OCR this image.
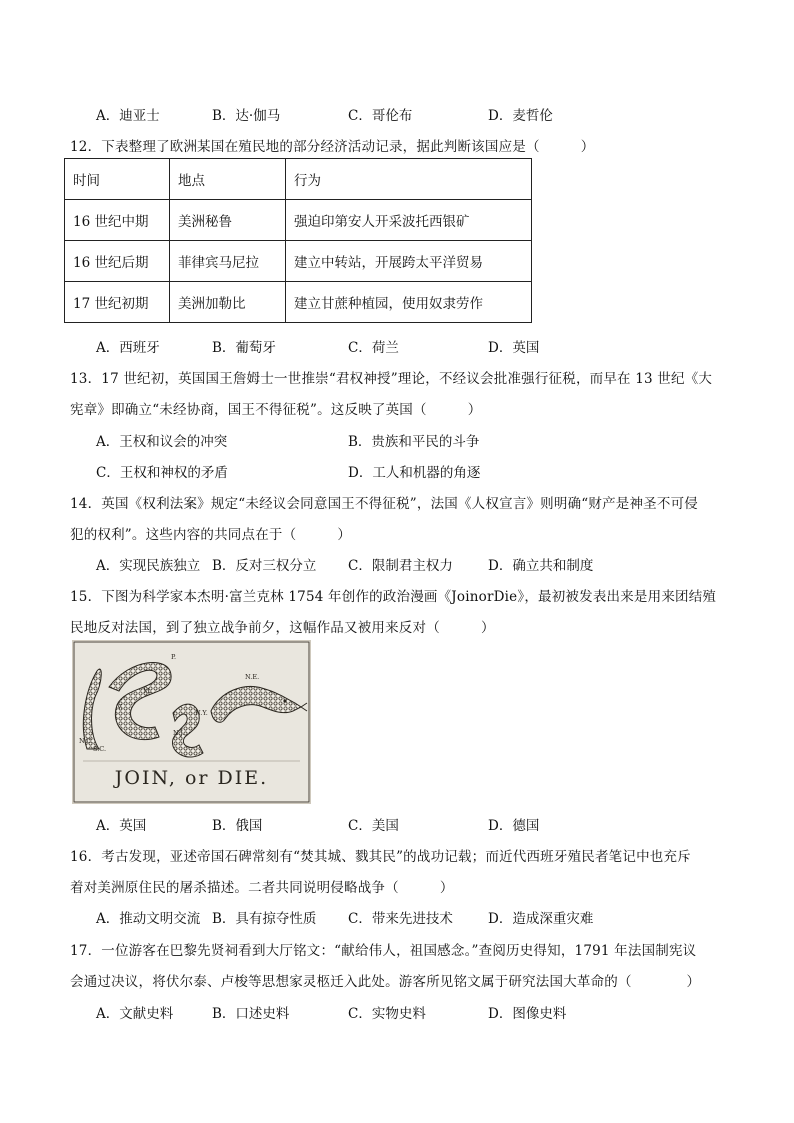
A．迪亚士	B．达·伽马	C．哥伦布	D．麦哲伦
12．下表整理了欧洲某国在殖民地的部分经济活动记录，据此判断该国应是（　　　）
时间	地点	行为
16 世纪中期	美洲秘鲁	强迫印第安人开采波托西银矿
16 世纪后期	菲律宾马尼拉	建立中转站，开展跨太平洋贸易
17 世纪初期	美洲加勒比	建立甘蔗种植园，使用奴隶劳作
A．西班牙	B．葡萄牙	C．荷兰	D．英国
13．17 世纪初，英国国王詹姆士一世推崇“君权神授”理论，不经议会批准强行征税，而早在 13 世纪《大
宪章》即确立“未经协商，国王不得征税”。这反映了英国（　　　）
A．王权和议会的冲突	B．贵族和平民的斗争
C．王权和神权的矛盾	D．工人和机器的角逐
14．英国《权利法案》规定“未经议会同意国王不得征税”，法国《人权宣言》则明确“财产是神圣不可侵
犯的权利”。这些内容的共同点在于（　　　）
A．实现民族独立 B．反对三权分立 C．限制君主权力	D．确立共和制度
15．下图为科学家本杰明·富兰克林 1754 年创作的政治漫画《JoinorDie》，最初被发表出来是用来团结殖
民地反对法国，到了独立战争前夕，这幅作品又被用来反对（　　　）
JOIN, or DIE.
N.E.
N.Y.
N.J.
P.
M.
V.
N.C.
S.C.
A．英国	B．俄国	C．美国	D．德国
16．考古发现，亚述帝国石碑常刻有“焚其城、戮其民”的战功记载；而近代西班牙殖民者笔记中也充斥
着对美洲原住民的屠杀描述。二者共同说明侵略战争（　　　）
A．推动文明交流 B．具有掠夺性质 C．带来先进技术	D．造成深重灾难
17．一位游客在巴黎先贤祠看到大厅铭文：“献给伟人，祖国感念。”查阅历史得知，1791 年法国制宪议
会通过决议，将伏尔泰、卢梭等思想家灵柩迁入此处。游客所见铭文属于研究法国大革命的（　　　　）
A．文献史料	B．口述史料	C．实物史料	D．图像史料
